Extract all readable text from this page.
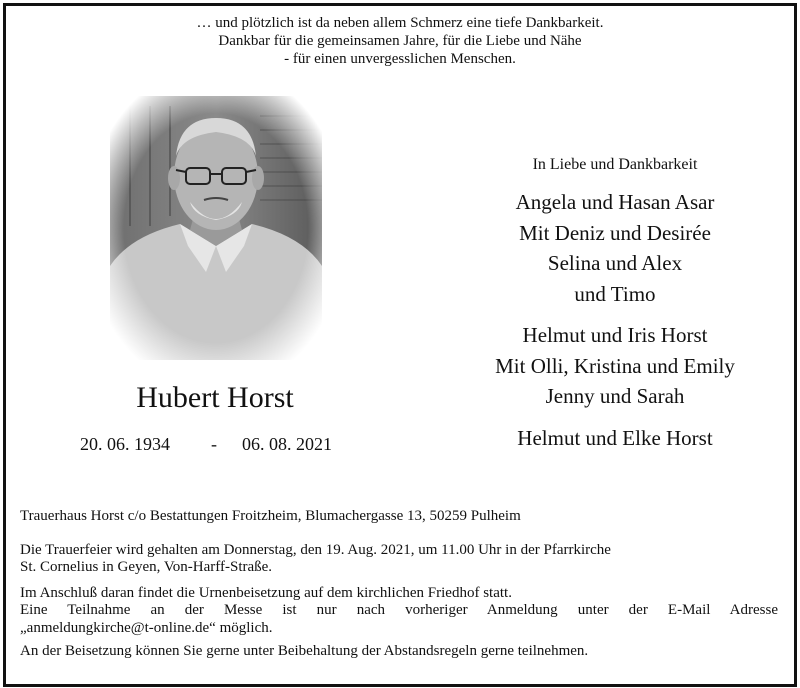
… und plötzlich ist da neben allem Schmerz eine tiefe Dankbarkeit.
Dankbar für die gemeinsamen Jahre, für die Liebe und Nähe
- für einen unvergesslichen Menschen.
Hubert Horst
20. 06. 1934 - 06. 08. 2021
In Liebe und Dankbarkeit
Angela und Hasan Asar
Mit Deniz und Desirée
Selina und Alex
und Timo
Helmut und Iris Horst
Mit Olli, Kristina und Emily
Jenny und Sarah
Helmut und Elke Horst

Trauerhaus Horst c/o Bestattungen Froitzheim, Blumachergasse 13, 50259 Pulheim

Die Trauerfeier wird gehalten am Donnerstag, den 19. Aug. 2021, um 11.00 Uhr in der Pfarrkirche

St. Cornelius in Geyen, Von-Harff-Straße.

Im Anschluß daran findet die Urnenbeisetzung auf dem kirchlichen Friedhof statt.

Eine Teilnahme an der Messe ist nur nach vorheriger Anmeldung unter der E-Mail Adresse

„anmeldungkirche@t-online.de“ möglich.

An der Beisetzung können Sie gerne unter Beibehaltung der Abstandsregeln gerne teilnehmen.
